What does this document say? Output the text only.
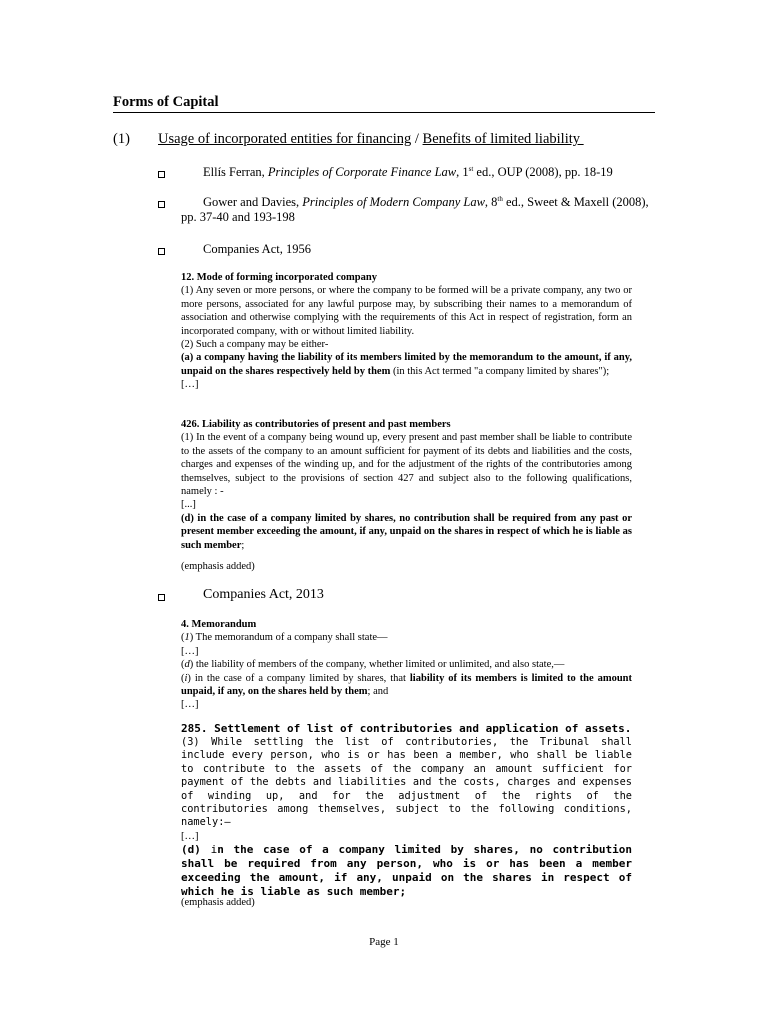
Forms of Capital
(1) Usage of incorporated entities for financing / Benefits of limited liability
Ellís Ferran, Principles of Corporate Finance Law, 1st ed., OUP (2008), pp. 18-19
Gower and Davies, Principles of Modern Company Law, 8th ed., Sweet & Maxell (2008),
pp. 37-40 and 193-198
Companies Act, 1956

12. Mode of forming incorporated company

(1) Any seven or more persons, or where the company to be formed will be a private company, any two or more persons, associated for any lawful purpose may, by subscribing their names to a memorandum of association and otherwise complying with the requirements of this Act in respect of registration, form an incorporated company, with or without limited liability.

(2) Such a company may be either-

(a) a company having the liability of its members limited by the memorandum to the amount, if any, unpaid on the shares respectively held by them (in this Act termed "a company limited by shares");

[…]

426. Liability as contributories of present and past members

(1) In the event of a company being wound up, every present and past member shall be liable to contribute to the assets of the company to an amount sufficient for payment of its debts and liabilities and the costs, charges and expenses of the winding up, and for the adjustment of the rights of the contributories among themselves, subject to the provisions of section 427 and subject also to the following qualifications, namely : -

[...]

(d) in the case of a company limited by shares, no contribution shall be required from any past or present member exceeding the amount, if any, unpaid on the shares in respect of which he is liable as such member;

(emphasis added)
Companies Act, 2013

4. Memorandum

(1) The memorandum of a company shall state—

[…]

(d) the liability of members of the company, whether limited or unlimited, and also state,—

(i) in the case of a company limited by shares, that liability of its members is limited to the amount unpaid, if any, on the shares held by them; and

[…]

285. Settlement of list of contributories and application of assets.

(3) While settling the list of contributories, the Tribunal shall include every person, who is or has been a member, who shall be liable to contribute to the assets of the company an amount sufficient for payment of the debts and liabilities and the costs, charges and expenses of winding up, and for the adjustment of the rights of the contributories among themselves, subject to the following conditions, namely:—

[…]

(d) in the case of a company limited by shares, no contribution shall be required from any person, who is or has been a member exceeding the amount, if any, unpaid on the shares in respect of which he is liable as such member;

(emphasis added)
Page 1
